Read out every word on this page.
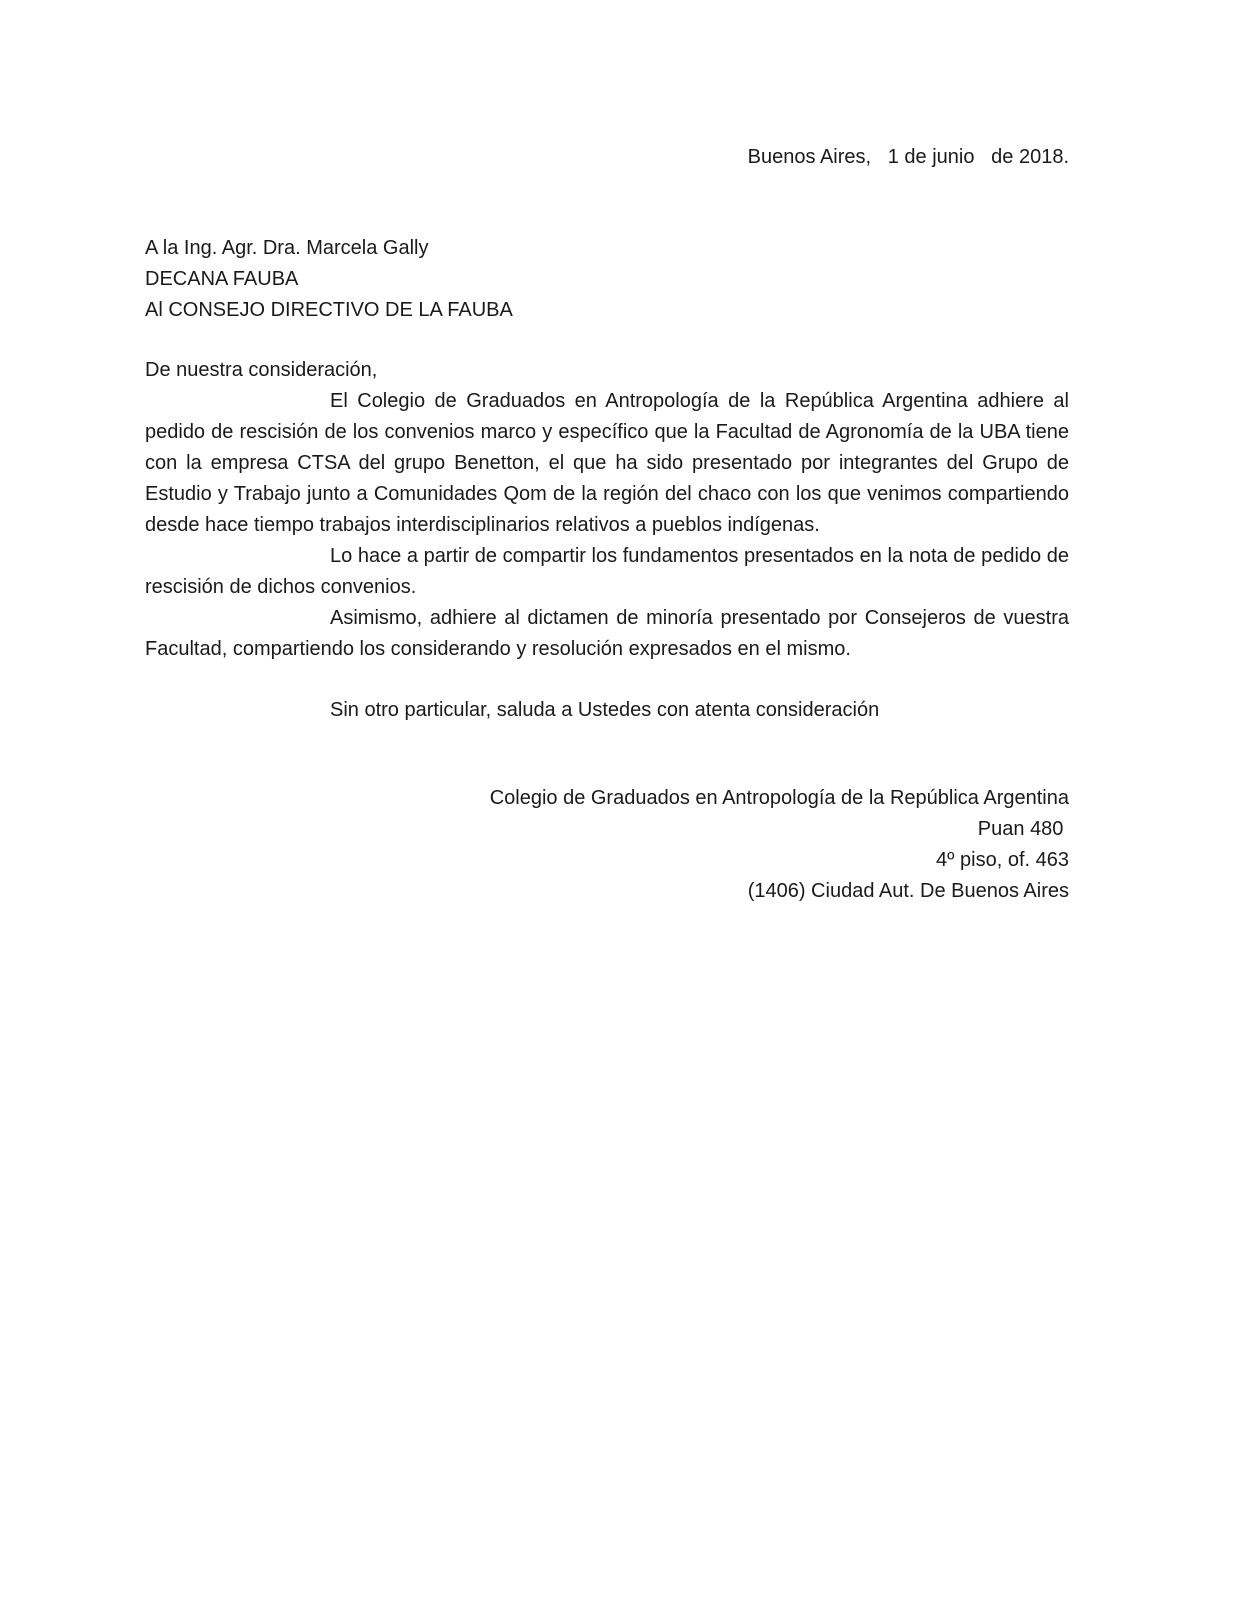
Buenos Aires,   1 de junio   de 2018.
A la Ing. Agr. Dra. Marcela Gally
DECANA FAUBA
Al CONSEJO DIRECTIVO DE LA FAUBA
De nuestra consideración,

El Colegio de Graduados en Antropología de la República Argentina adhiere al pedido de rescisión de los convenios marco y específico que la Facultad de Agronomía de la UBA tiene con la empresa CTSA del grupo Benetton, el que ha sido presentado por integrantes del Grupo de Estudio y Trabajo junto a Comunidades Qom de la región del chaco con los que venimos compartiendo desde hace tiempo trabajos interdisciplinarios relativos a pueblos indígenas.

Lo hace a partir de compartir los fundamentos presentados en la nota de pedido de rescisión de dichos convenios.

Asimismo, adhiere al dictamen de minoría presentado por Consejeros de vuestra Facultad, compartiendo los considerando y resolución expresados en el mismo.

Sin otro particular, saluda a Ustedes con atenta consideración

Colegio de Graduados en Antropología de la República Argentina
Puan 480
4º piso, of. 463
(1406) Ciudad Aut. De Buenos Aires
